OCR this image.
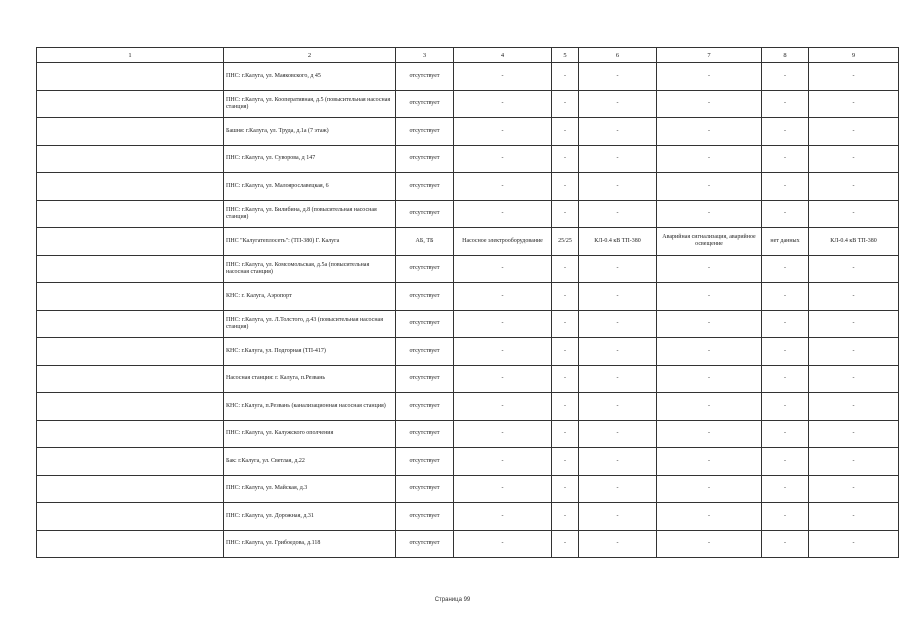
1	2	3	4	5	6	7	8	9
	ПНС: г.Калуга, ул. Маяковского, д 45	отсутствует	-	-	-	-	-	-
	ПНС: г.Калуга, ул. Кооперативная, д.5 (повысительная насосная станция)	отсутствует	-	-	-	-	-	-
	Башня: г.Калуга, ул. Труда, д.1а (7 этаж)	отсутствует	-	-	-	-	-	-
	ПНС: г.Калуга, ул. Суворова, д 147	отсутствует	-	-	-	-	-	-
	ПНС: г.Калуга, ул. Малоярославецкая, 6	отсутствует	-	-	-	-	-	-
	ПНС: г.Калуга, ул. Билибина, д.8 (повысительная насосная станция)	отсутствует	-	-	-	-	-	-
	ПНС "Калугатеплосеть": (ТП-380) Г. Калуга	АБ, ТБ	Насосное электрооборудование	25/25	КЛ-0.4 кВ ТП-380	Аварийная сигнализация, аварийное освещение	нет данных	КЛ-0.4 кВ ТП-380
	ПНС: г.Калуга, ул. Комсомольская, д.5а (повысительная насосная станция)	отсутствует	-	-	-	-	-	-
	КНС: г. Калуга, Аэропорт	отсутствует	-	-	-	-	-	-
	ПНС: г.Калуга, ул. Л.Толстого, д.43 (повысительная насосная станция)	отсутствует	-	-	-	-	-	-
	КНС: г.Калуга, ул. Подгорная (ТП-417)	отсутствует	-	-	-	-	-	-
	Насосная станция: г. Калуга, п.Резвань	отсутствует	-	-	-	-	-	-
	КНС: г.Калуга, п.Резвань (канализационная насосная станция)	отсутствует	-	-	-	-	-	-
	ПНС: г.Калуга, ул. Калужского ополчения	отсутствует	-	-	-	-	-	-
	Бак: г.Калуга, ул. Светлая, д.22	отсутствует	-	-	-	-	-	-
	ПНС: г.Калуга, ул. Майская, д.3	отсутствует	-	-	-	-	-	-
	ПНС: г.Калуга, ул. Дорожная, д.31	отсутствует	-	-	-	-	-	-
	ПНС: г.Калуга, ул. Грибоедова, д.118	отсутствует	-	-	-	-	-	-
Страница 99
